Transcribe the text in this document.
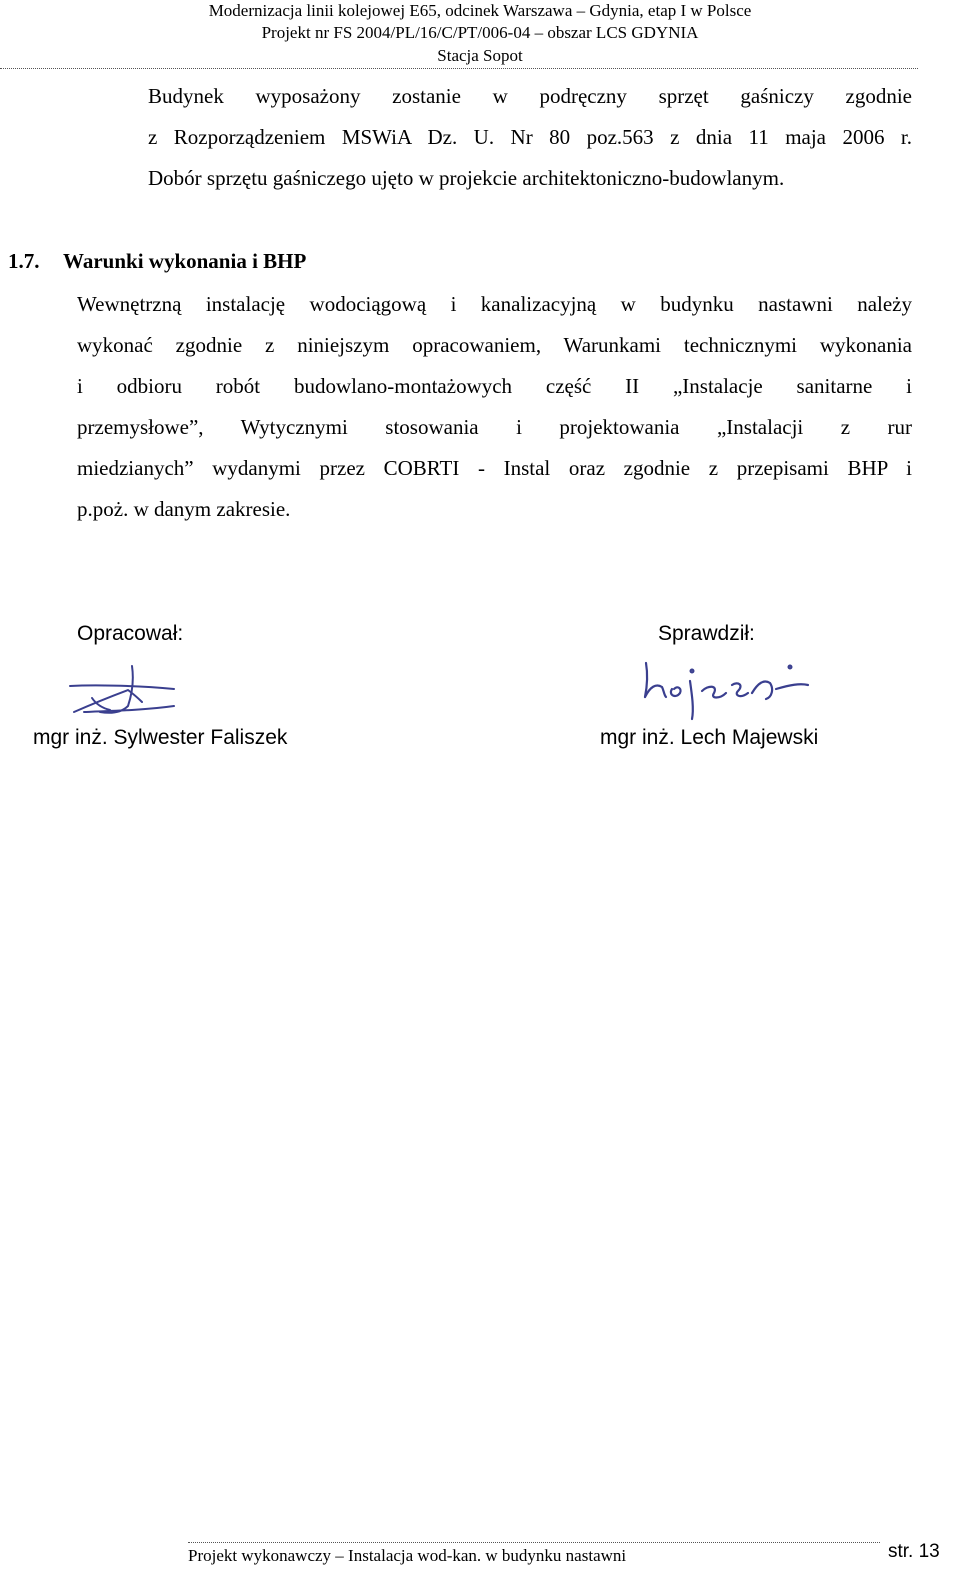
Modernizacja linii kolejowej E65, odcinek Warszawa – Gdynia, etap I w Polsce
Projekt nr FS 2004/PL/16/C/PT/006-04 – obszar LCS GDYNIA
Stacja Sopot
Budynek wyposażony zostanie w podręczny sprzęt gaśniczy zgodnie
z Rozporządzeniem MSWiA Dz. U. Nr 80 poz.563 z dnia 11 maja 2006 r.
Dobór sprzętu gaśniczego ujęto w projekcie architektoniczno-budowlanym.
1.7. Warunki wykonania i BHP
Wewnętrzną instalację wodociągową i kanalizacyjną w budynku nastawni należy
wykonać zgodnie z niniejszym opracowaniem, Warunkami technicznymi wykonania
i odbioru robót budowlano-montażowych część II „Instalacje sanitarne i
przemysłowe”, Wytycznymi stosowania i projektowania „Instalacji z rur
miedzianych” wydanymi przez COBRTI - Instal oraz zgodnie z przepisami BHP i
p.poż. w danym zakresie.
Opracował:	Sprawdził:
mgr inż. Sylwester Faliszek	mgr inż. Lech Majewski
Projekt wykonawczy – Instalacja wod-kan. w budynku nastawni	str. 13
